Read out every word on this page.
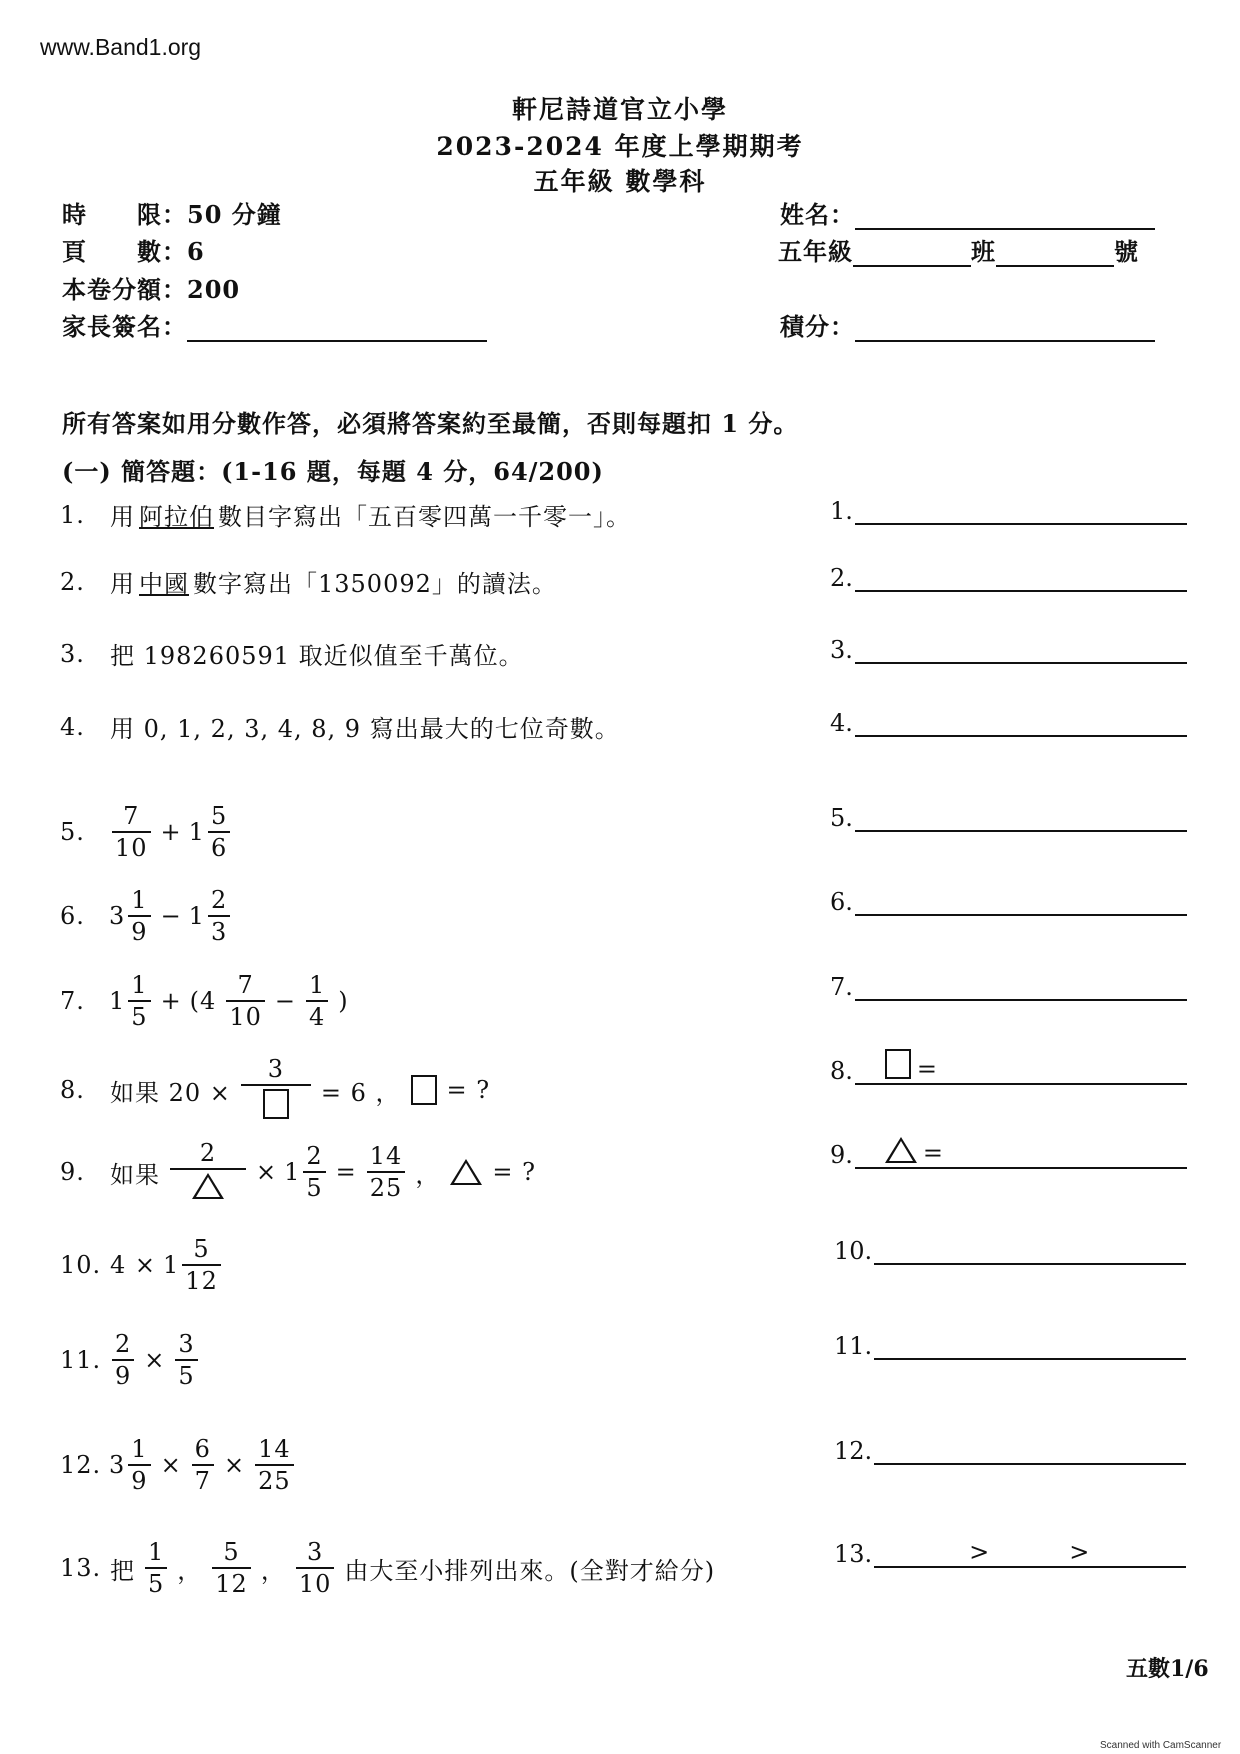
www.Band1.org
軒尼詩道官立小學
2023-2024 年度上學期期考
五年級 數學科
時　　限：50 分鐘
頁　　數：6
本卷分額：200
家長簽名：
姓名：
五年級	班	號
積分：
所有答案如用分數作答，必須將答案約至最簡，否則每題扣 1 分。
(一) 簡答題：(1-16 題，每題 4 分，64/200)
1.	用 阿拉伯 數目字寫出「五百零四萬一千零一」。	1.
2.	用 中國 數字寫出「1350092」的讀法。	2.
3.	把 198260591 取近似值至千萬位。	3.
4.	用 0, 1, 2, 3, 4, 8, 9 寫出最大的七位奇數。	4.
5.	$\frac{7}{10} + 1 \frac{5}{6}$	5.
6.	$3 \frac{1}{9} - 1 \frac{2}{3}$	6.
7.	$1 \frac{1}{5} + (4 \frac{7}{10} - \frac{1}{4}$ )	7.
8.	如果 20 ×
3
= 6 ， = ?
8.	=
9.	如果
2
× $1 \frac{2}{5} = \frac{14}{25}$ ， = ?
9.	=
10. $4 \times 1 \frac{5}{12}$	10.
11. $\frac{2}{9} \times \frac{3}{5}$	11.
12. $3 \frac{1}{9} \times \frac{6}{7} \times \frac{14}{25}$	12.
13. 把 $\frac{1}{5}$ ， $\frac{5}{12}$ ， $\frac{3}{10}$ 由大至小排列出來。(全對才給分)
13.	>	>
五數1/6
Scanned with CamScanner
